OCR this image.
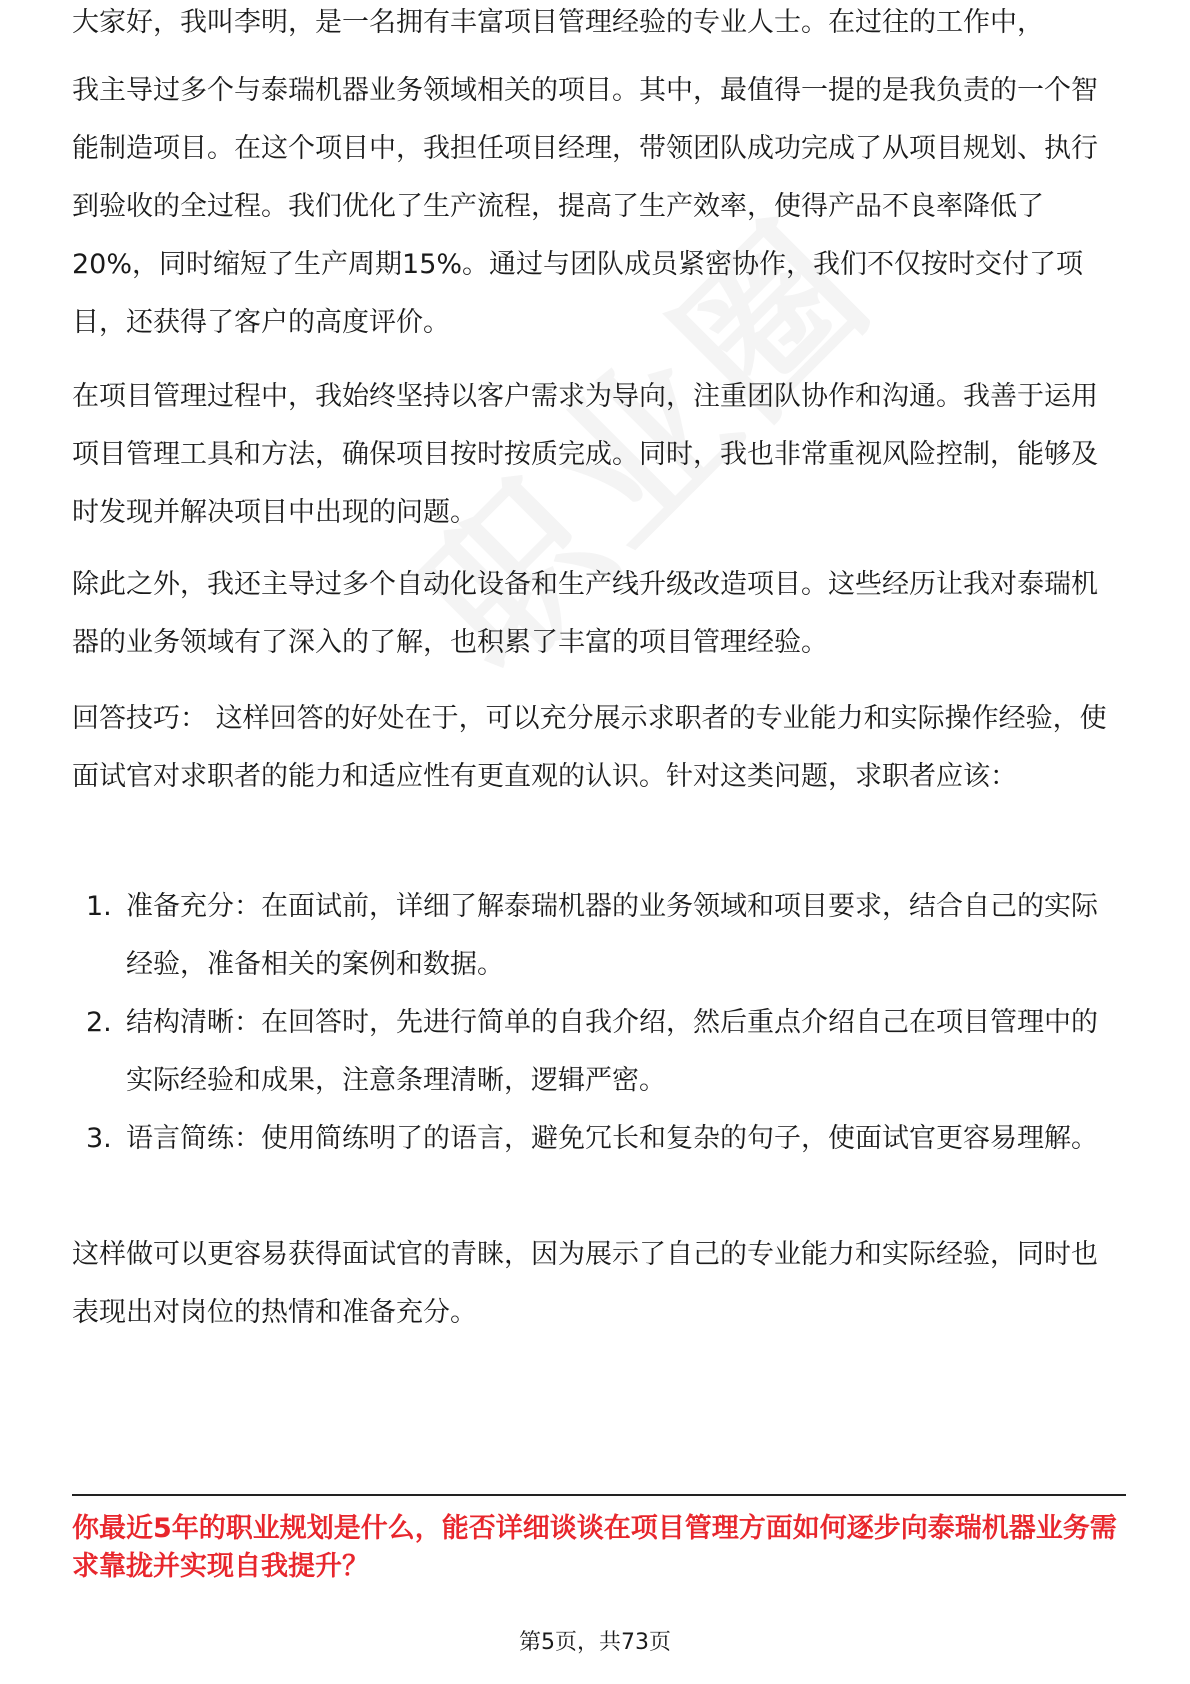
大家好，我叫李明，是一名拥有丰富项目管理经验的专业人士。在过往的工作中，

我主导过多个与泰瑞机器业务领域相关的项目。其中，最值得一提的是我负责的一个智能制造项目。在这个项目中，我担任项目经理，带领团队成功完成了从项目规划、执行到验收的全过程。我们优化了生产流程，提高了生产效率，使得产品不良率降低了20%，同时缩短了生产周期15%。通过与团队成员紧密协作，我们不仅按时交付了项目，还获得了客户的高度评价。

在项目管理过程中，我始终坚持以客户需求为导向，注重团队协作和沟通。我善于运用项目管理工具和方法，确保项目按时按质完成。同时，我也非常重视风险控制，能够及时发现并解决项目中出现的问题。

除此之外，我还主导过多个自动化设备和生产线升级改造项目。这些经历让我对泰瑞机器的业务领域有了深入的了解，也积累了丰富的项目管理经验。

回答技巧： 这样回答的好处在于，可以充分展示求职者的专业能力和实际操作经验，使面试官对求职者的能力和适应性有更直观的认识。针对这类问题，求职者应该：

1. 准备充分：在面试前，详细了解泰瑞机器的业务领域和项目要求，结合自己的实际经验，准备相关的案例和数据。
2. 结构清晰：在回答时，先进行简单的自我介绍，然后重点介绍自己在项目管理中的实际经验和成果，注意条理清晰，逻辑严密。
3. 语言简练：使用简练明了的语言，避免冗长和复杂的句子，使面试官更容易理解。

这样做可以更容易获得面试官的青睐，因为展示了自己的专业能力和实际经验，同时也表现出对岗位的热情和准备充分。

你最近5年的职业规划是什么，能否详细谈谈在项目管理方面如何逐步向泰瑞机器业务需求靠拢并实现自我提升？

第5页，共73页
